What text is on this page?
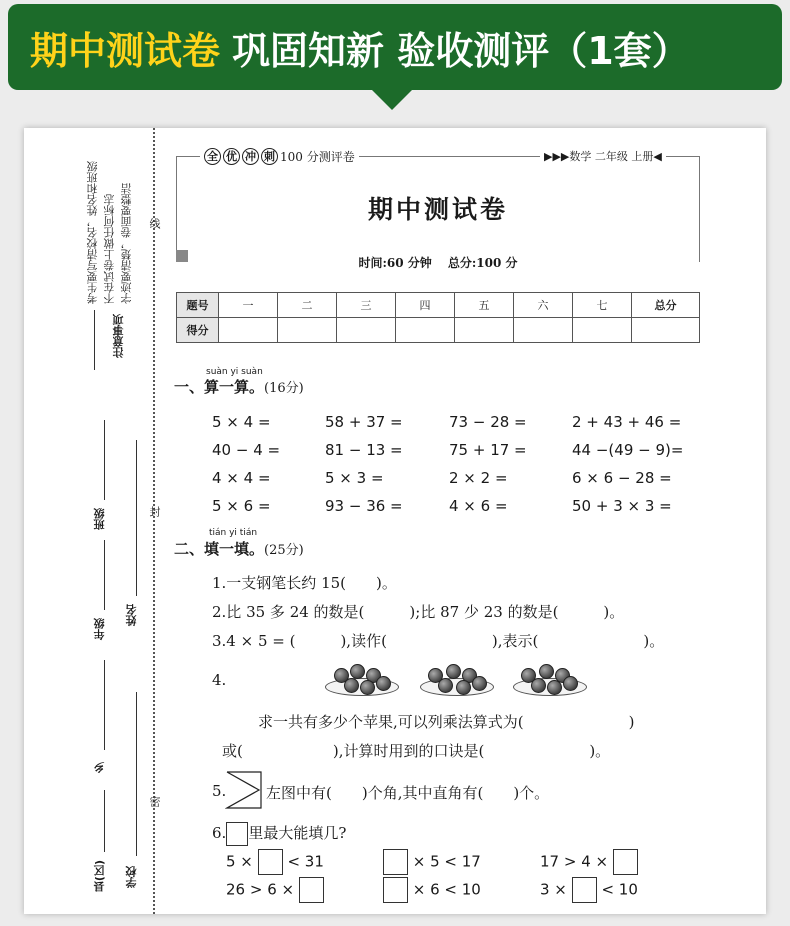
期中测试卷 巩固知新 验收测评（1套）
考生要写清校名，姓名和班级 不在试卷上做任何标志 字迹要清楚，卷面要整洁
注意事项
县(区)
乡
年级
班级
学校
姓名
线
封
密
全 优 冲 刺 100 分测评卷	▶▶▶数学 二年级 上册◀
期中测试卷
时间:60 分钟 总分:100 分
题号	一	二	三	四	五	六	七	总分
得分								
suàn yi suàn
一、算一算。(16分)
5 × 4 =	58 + 37 =	73 − 28 =	2 + 43 + 46 =
40 − 4 =	81 − 13 =	75 + 17 =	44 −(49 − 9)=
4 × 4 =	5 × 3 =	2 × 2 =	6 × 6 − 28 =
5 × 6 =	93 − 36 =	4 × 6 =	50 + 3 × 3 =
tián yi tián
二、填一填。(25分)
1.一支钢笔长约 15(　　)。
2.比 35 多 24 的数是(　　　);比 87 少 23 的数是(　　　)。
3.4 × 5 = (　　　),读作(　　　　　　　),表示(　　　　　　　)。
4.
求一共有多少个苹果,可以列乘法算式为(　　　　　　　)
或(　　　　　　),计算时用到的口诀是(　　　　　　　)。
5.	左图中有(　　)个角,其中直角有(　　)个。
6. 里最大能填几?
5 × < 31	× 5 < 17	17 > 4 ×
26 > 6 ×	× 6 < 10	3 × < 10
